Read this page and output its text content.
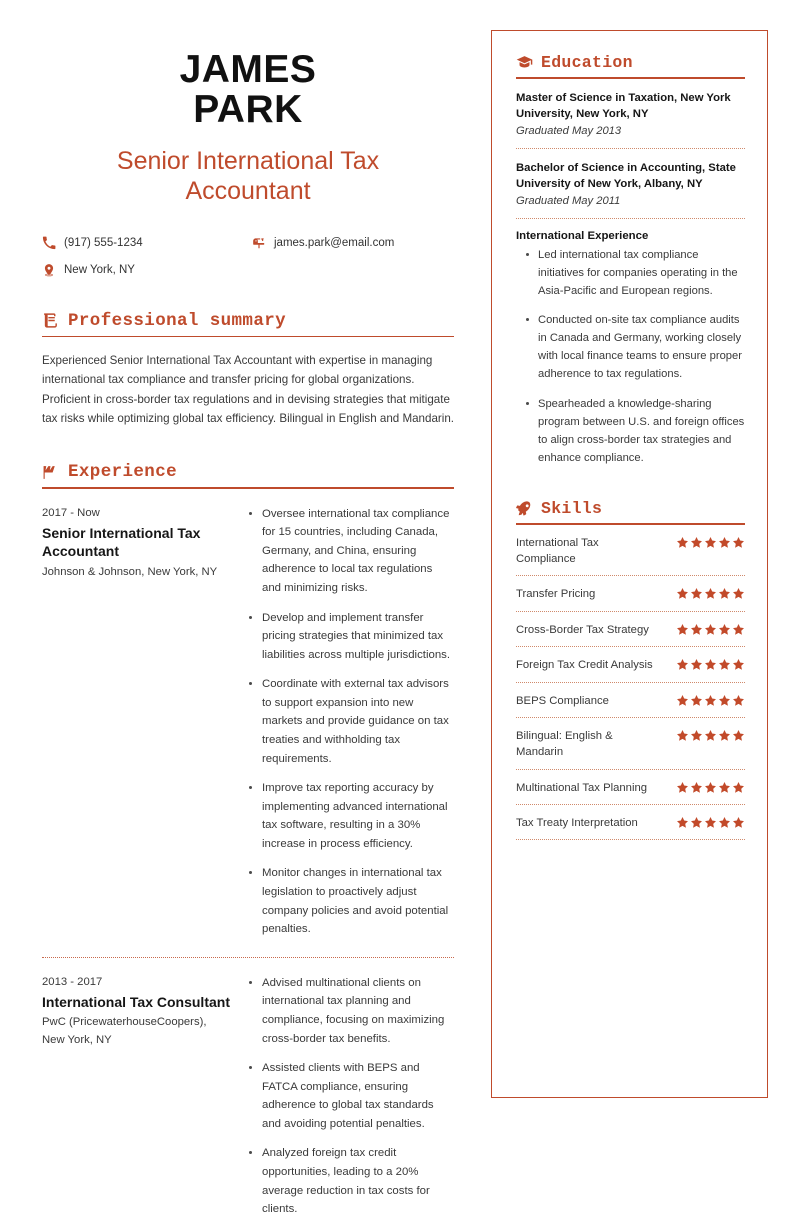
JAMES
PARK
Senior International Tax Accountant
(917) 555-1234	james.park@email.com
New York, NY
Professional summary

Experienced Senior International Tax Accountant with expertise in managing international tax compliance and transfer pricing for global organizations. Proficient in cross-border tax regulations and in devising strategies that mitigate tax risks while optimizing global tax efficiency. Bilingual in English and Mandarin.

Experience
2017 - Now
Senior International Tax Accountant
Johnson & Johnson, New York, NY
Oversee international tax compliance for 15 countries, including Canada, Germany, and China, ensuring adherence to local tax regulations and minimizing risks.
Develop and implement transfer pricing strategies that minimized tax liabilities across multiple jurisdictions.
Coordinate with external tax advisors to support expansion into new markets and provide guidance on tax treaties and withholding tax requirements.
Improve tax reporting accuracy by implementing advanced international tax software, resulting in a 30% increase in process efficiency.
Monitor changes in international tax legislation to proactively adjust company policies and avoid potential penalties.
2013 - 2017
International Tax Consultant
PwC (PricewaterhouseCoopers), New York, NY
Advised multinational clients on international tax planning and compliance, focusing on maximizing cross-border tax benefits.
Assisted clients with BEPS and FATCA compliance, ensuring adherence to global tax standards and avoiding potential penalties.
Analyzed foreign tax credit opportunities, leading to a 20% average reduction in tax costs for clients.
Education
Master of Science in Taxation, New York University, New York, NY
Graduated May 2013
Bachelor of Science in Accounting, State University of New York, Albany, NY
Graduated May 2011
International Experience
Led international tax compliance initiatives for companies operating in the Asia-Pacific and European regions.
Conducted on-site tax compliance audits in Canada and Germany, working closely with local finance teams to ensure proper adherence to tax regulations.
Spearheaded a knowledge-sharing program between U.S. and foreign offices to align cross-border tax strategies and enhance compliance.
Skills
International Tax Compliance
Transfer Pricing
Cross-Border Tax Strategy
Foreign Tax Credit Analysis
BEPS Compliance
Bilingual: English & Mandarin
Multinational Tax Planning
Tax Treaty Interpretation
